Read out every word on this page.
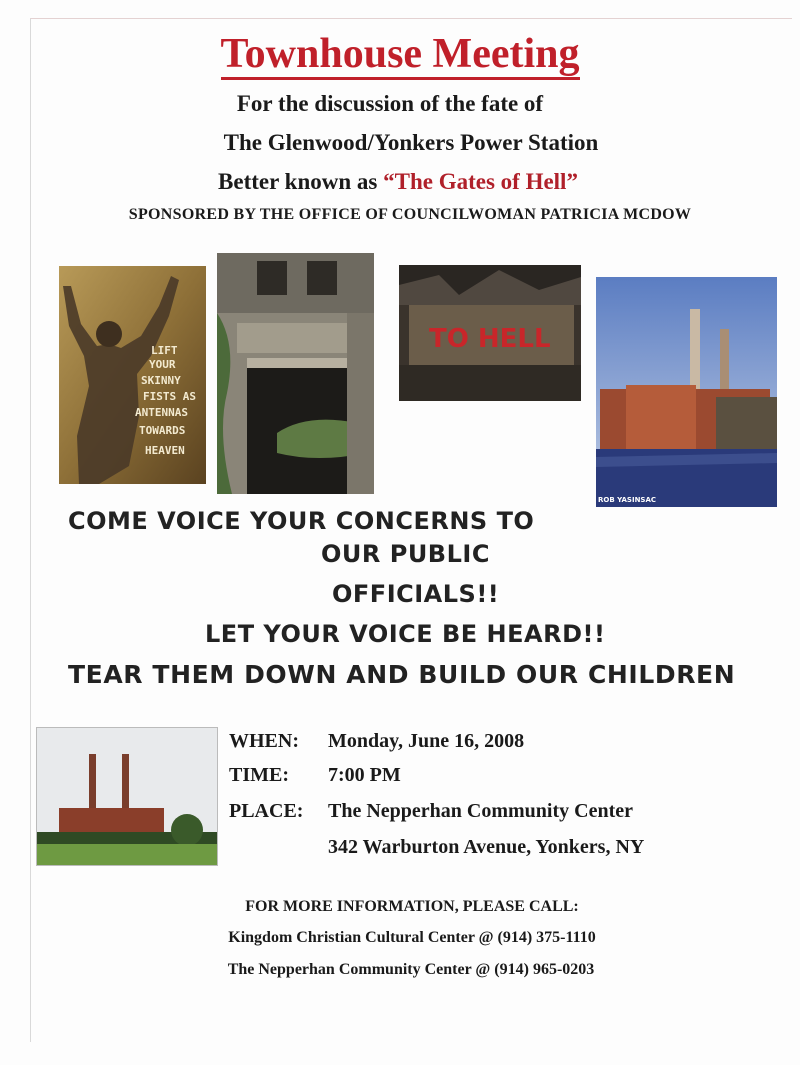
Townhouse Meeting
For the discussion of the fate of
The Glenwood/Yonkers Power Station
Better known as “The Gates of Hell”
SPONSORED BY THE OFFICE OF COUNCILWOMAN PATRICIA MCDOW
LIFT
YOUR
SKINNY
FISTS AS
ANTENNAS
TOWARDS
HEAVEN
TO HELL
ROB YASINSAC
COME VOICE YOUR CONCERNS TO
OUR PUBLIC
OFFICIALS!!
LET YOUR VOICE BE HEARD!!
TEAR THEM DOWN AND BUILD OUR CHILDREN
WHEN: Monday, June 16, 2008
TIME: 7:00 PM
PLACE: The Nepperhan Community Center
342 Warburton Avenue, Yonkers, NY
FOR MORE INFORMATION, PLEASE CALL:
Kingdom Christian Cultural Center @ (914) 375-1110
The Nepperhan Community Center @ (914) 965-0203
